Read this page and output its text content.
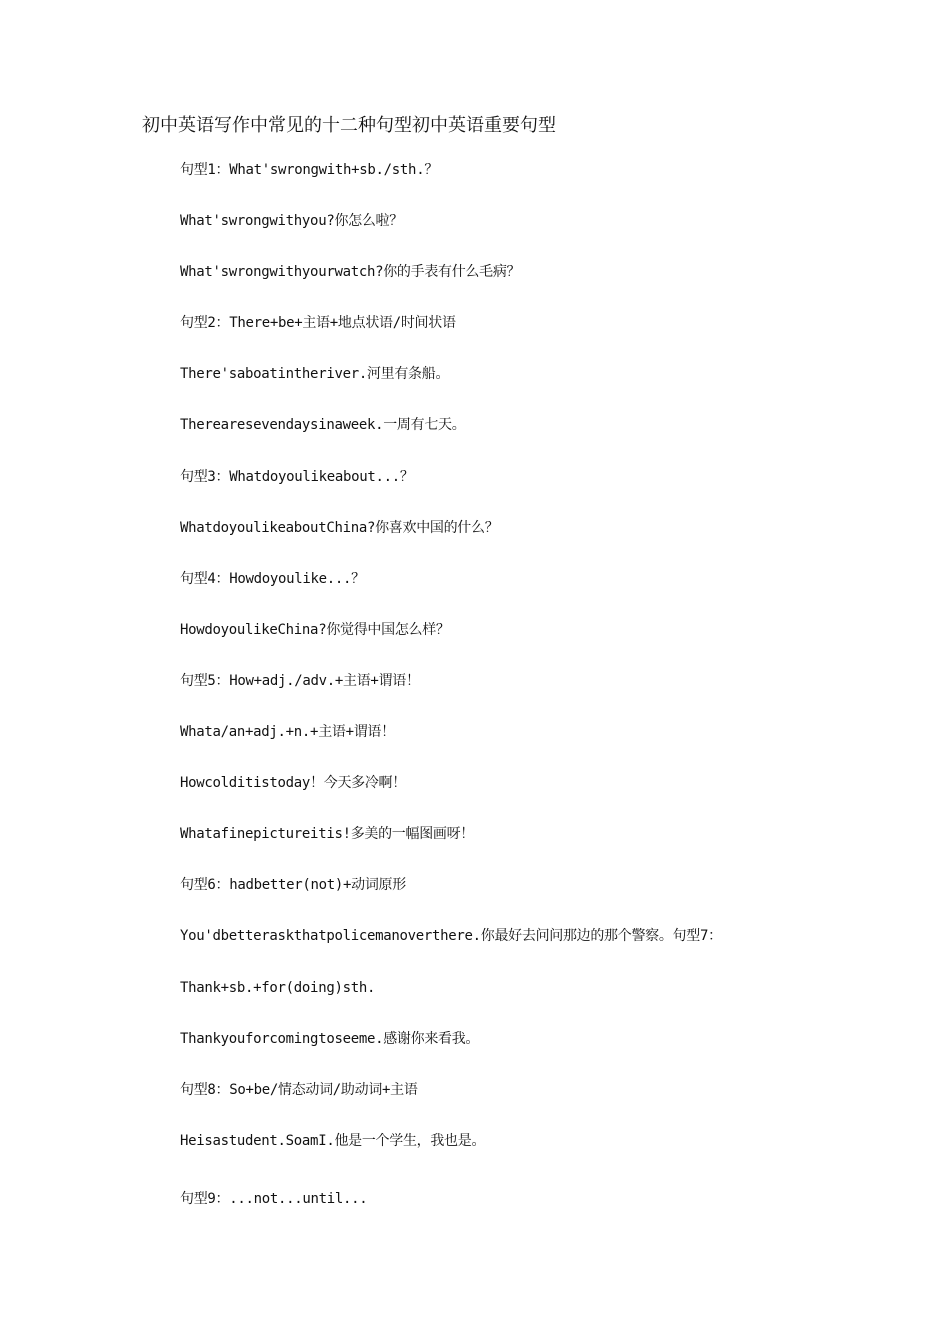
初中英语写作中常见的十二种句型初中英语重要句型
句型1：What'swrongwith+sb./sth.？
What'swrongwithyou?你怎么啦？
What'swrongwithyourwatch?你的手表有什么毛病？
句型2：There+be+主语+地点状语/时间状语
There'saboatintheriver.河里有条船。
Therearesevendaysinaweek.一周有七天。
句型3：Whatdoyoulikeabout...？
WhatdoyoulikeaboutChina?你喜欢中国的什么？
句型4：Howdoyoulike...？
HowdoyoulikeChina?你觉得中国怎么样？
句型5：How+adj./adv.+主语+谓语！
Whata/an+adj.+n.+主语+谓语！
Howcolditistoday！今天多冷啊！
Whatafinepictureitis!多美的一幅图画呀！
句型6：hadbetter(not)+动词原形
You'dbetteraskthatpolicemanoverthere.你最好去问问那边的那个警察。句型7：
Thank+sb.+for(doing)sth.
Thankyouforcomingtoseeme.感谢你来看我。
句型8：So+be/情态动词/助动词+主语
Heisastudent.SoamI.他是一个学生，我也是。
句型9：...not...until...
